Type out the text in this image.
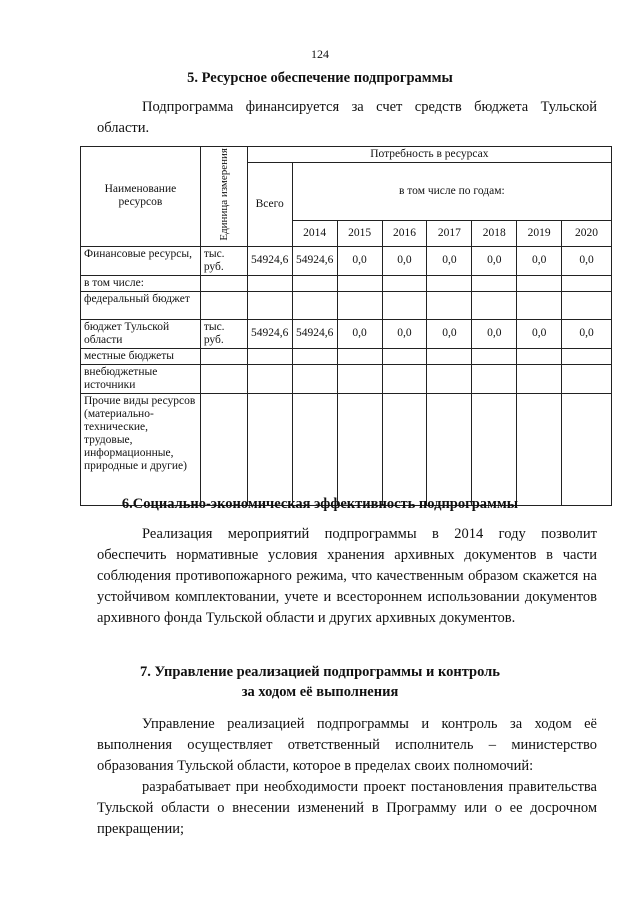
124
5. Ресурсное обеспечение подпрограммы

Подпрограмма финансируется за счет средств бюджета Тульской области.

Наименование ресурсов	Единица измерения	Потребность в ресурсах							
		Всего	в том числе по годам:						
			2014	2015	2016	2017	2018	2019	2020
Финансовые ресурсы,	тыс. руб.	54924,6	54924,6	0,0	0,0	0,0	0,0	0,0	0,0
в том числе:									
федеральный бюджет									
бюджет Тульской области	тыс. руб.	54924,6	54924,6	0,0	0,0	0,0	0,0	0,0	0,0
местные бюджеты									
внебюджетные источники									
Прочие виды ресурсов (материально-технические, трудовые, информационные, природные и другие)									
6.Социально-экономическая эффективность подпрограммы

Реализация мероприятий подпрограммы в 2014 году позволит обеспечить нормативные условия хранения архивных документов в части соблюдения противопожарного режима, что качественным образом скажется на устойчивом комплектовании, учете и всестороннем использовании документов архивного фонда Тульской области и других архивных документов.

7. Управление реализацией подпрограммы и контроль
за ходом её выполнения

Управление реализацией подпрограммы и контроль за ходом её выполнения осуществляет ответственный исполнитель – министерство образования Тульской области, которое в пределах своих полномочий:

разрабатывает при необходимости проект постановления правительства Тульской области о внесении изменений в Программу или о ее досрочном прекращении;
